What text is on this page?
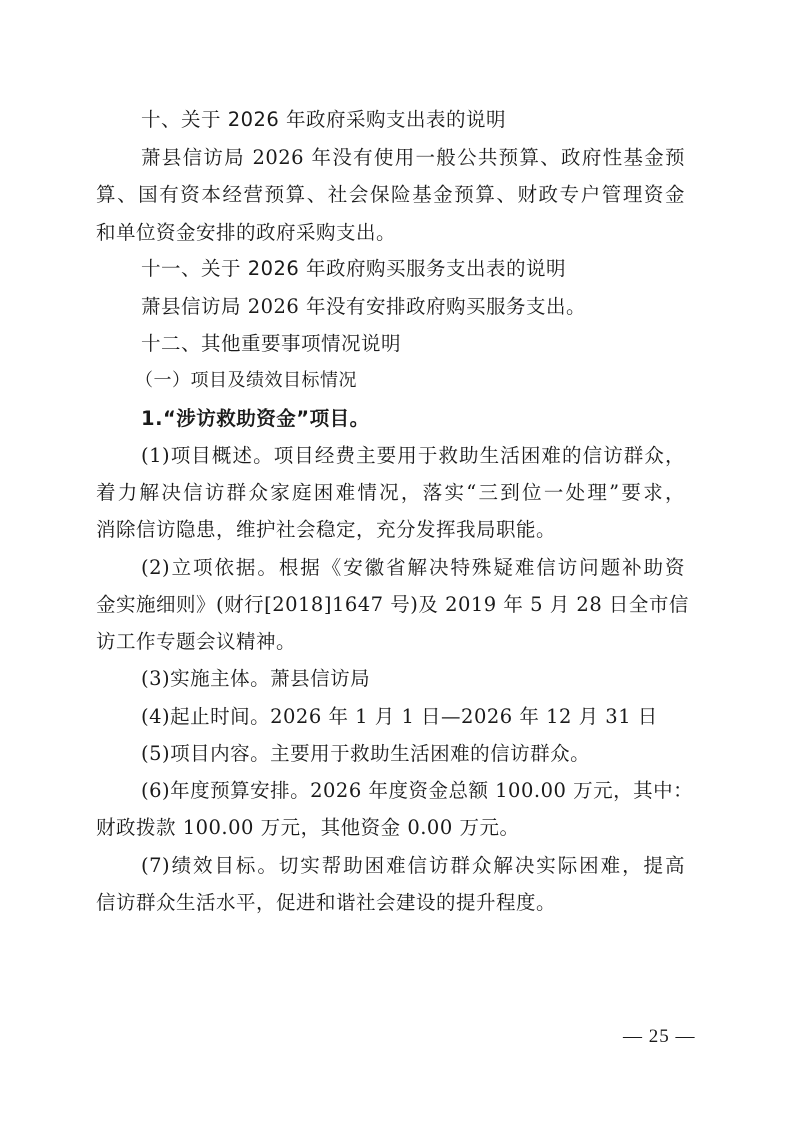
十、关于 2026 年政府采购支出表的说明
萧县信访局 2026 年没有使用一般公共预算、政府性基金预
算、国有资本经营预算、社会保险基金预算、财政专户管理资金
和单位资金安排的政府采购支出。
十一、关于 2026 年政府购买服务支出表的说明
萧县信访局 2026 年没有安排政府购买服务支出。
十二、其他重要事项情况说明
（一）项目及绩效目标情况
1.“涉访救助资金”项目。
(1)项目概述。项目经费主要用于救助生活困难的信访群众，
着力解决信访群众家庭困难情况，落实“三到位一处理”要求，
消除信访隐患，维护社会稳定，充分发挥我局职能。
(2)立项依据。根据《安徽省解决特殊疑难信访问题补助资
金实施细则》(财行[2018]1647 号)及 2019 年 5 月 28 日全市信
访工作专题会议精神。
(3)实施主体。萧县信访局
(4)起止时间。2026 年 1 月 1 日—2026 年 12 月 31 日
(5)项目内容。主要用于救助生活困难的信访群众。
(6)年度预算安排。2026 年度资金总额 100.00 万元，其中：
财政拨款 100.00 万元，其他资金 0.00 万元。
(7)绩效目标。切实帮助困难信访群众解决实际困难，提高
信访群众生活水平，促进和谐社会建设的提升程度。
— 25 —
